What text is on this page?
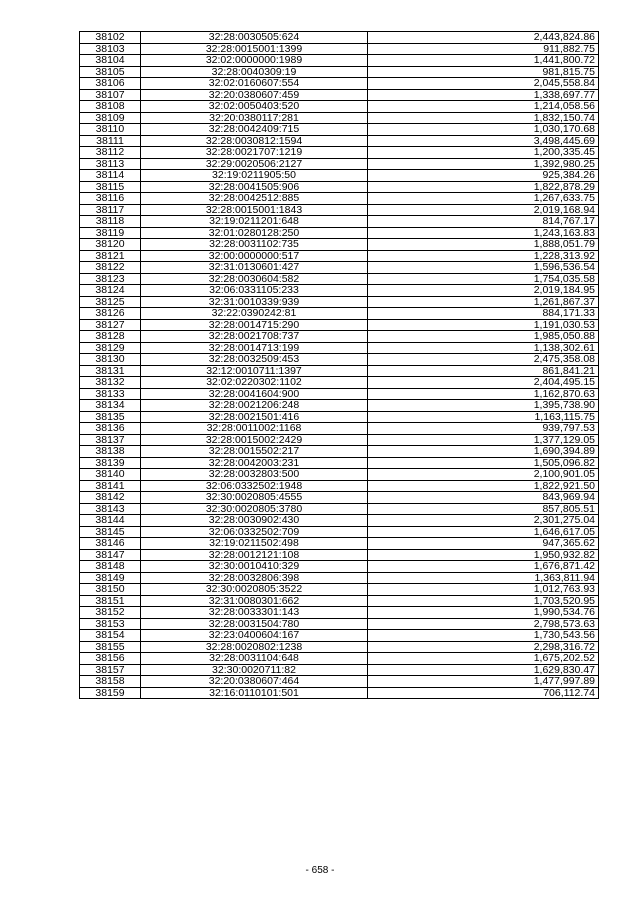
38102	32:28:0030505:624	2,443,824.86
38103	32:28:0015001:1399	911,882.75
38104	32:02:0000000:1989	1,441,800.72
38105	32:28:0040309:19	981,815.75
38106	32:02:0160607:554	2,045,558.84
38107	32:20:0380607:459	1,338,697.77
38108	32:02:0050403:520	1,214,058.56
38109	32:20:0380117:281	1,832,150.74
38110	32:28:0042409:715	1,030,170.68
38111	32:28:0030812:1594	3,498,445.69
38112	32:28:0021707:1219	1,200,335.45
38113	32:29:0020506:2127	1,392,980.25
38114	32:19:0211905:50	925,384.26
38115	32:28:0041505:906	1,822,878.29
38116	32:28:0042512:885	1,267,633.75
38117	32:28:0015001:1843	2,019,168.94
38118	32:19:0211201:648	814,767.17
38119	32:01:0280128:250	1,243,163.83
38120	32:28:0031102:735	1,888,051.79
38121	32:00:0000000:517	1,228,313.92
38122	32:31:0130601:427	1,596,536.54
38123	32:28:0030604:582	1,754,035.58
38124	32:06:0331105:233	2,019,184.95
38125	32:31:0010339:939	1,261,867.37
38126	32:22:0390242:81	884,171.33
38127	32:28:0014715:290	1,191,030.53
38128	32:28:0021708:737	1,985,050.88
38129	32:28:0014713:199	1,138,302.61
38130	32:28:0032509:453	2,475,358.08
38131	32:12:0010711:1397	861,841.21
38132	32:02:0220302:1102	2,404,495.15
38133	32:28:0041604:900	1,162,870.63
38134	32:28:0021206:248	1,395,738.90
38135	32:28:0021501:416	1,163,115.75
38136	32:28:0011002:1168	939,797.53
38137	32:28:0015002:2429	1,377,129.05
38138	32:28:0015502:217	1,690,394.89
38139	32:28:0042003:231	1,505,096.82
38140	32:28:0032803:500	2,100,901.05
38141	32:06:0332502:1948	1,822,921.50
38142	32:30:0020805:4555	843,969.94
38143	32:30:0020805:3780	857,805.51
38144	32:28:0030902:430	2,301,275.04
38145	32:06:0332502:709	1,646,617.05
38146	32:19:0211502:498	947,365.62
38147	32:28:0012121:108	1,950,932.82
38148	32:30:0010410:329	1,676,871.42
38149	32:28:0032806:398	1,363,811.94
38150	32:30:0020805:3522	1,012,763.93
38151	32:31:0080301:662	1,703,520.95
38152	32:28:0033301:143	1,990,534.76
38153	32:28:0031504:780	2,798,573.63
38154	32:23:0400604:167	1,730,543.56
38155	32:28:0020802:1238	2,298,316.72
38156	32:28:0031104:648	1,675,202.52
38157	32:30:0020711:82	1,629,830.47
38158	32:20:0380607:464	1,477,997.89
38159	32:16:0110101:501	706,112.74
- 658 -
